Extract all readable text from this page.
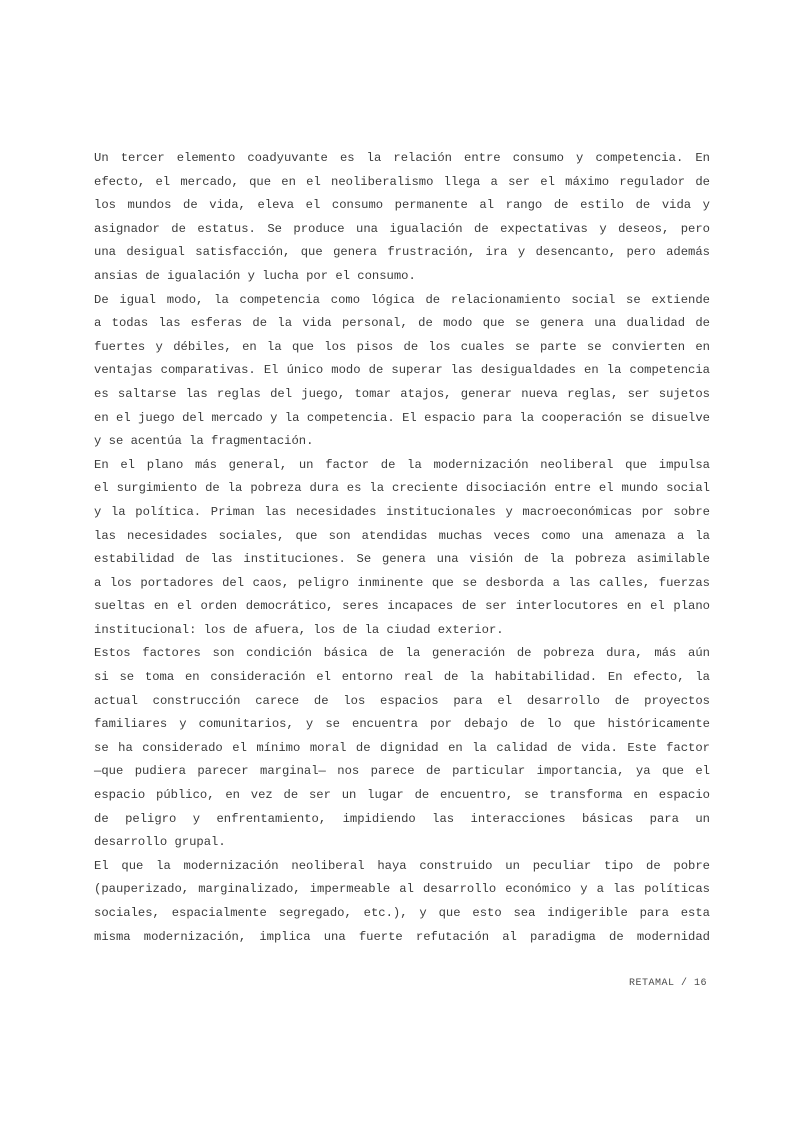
Un tercer elemento coadyuvante es la relación entre consumo y competencia. En
efecto, el mercado, que en el neoliberalismo llega a ser el máximo regulador de
los mundos de vida, eleva el consumo permanente al rango de estilo de vida y
asignador de estatus. Se produce una igualación de expectativas y deseos, pero
una desigual satisfacción, que genera frustración, ira y desencanto, pero además
ansias de igualación y lucha por el consumo.
De igual modo, la competencia como lógica de relacionamiento social se extiende
a todas las esferas de la vida personal, de modo que se genera una dualidad de
fuertes y débiles, en la que los pisos de los cuales se parte se convierten en
ventajas comparativas. El único modo de superar las desigualdades en la competencia
es saltarse las reglas del juego, tomar atajos, generar nueva reglas, ser sujetos
en el juego del mercado y la competencia. El espacio para la cooperación se disuelve
y se acentúa la fragmentación.
En el plano más general, un factor de la modernización neoliberal que impulsa
el surgimiento de la pobreza dura es la creciente disociación entre el mundo social
y la política. Priman las necesidades institucionales y macroeconómicas por sobre
las necesidades sociales, que son atendidas muchas veces como una amenaza a la
estabilidad de las instituciones. Se genera una visión de la pobreza asimilable
a los portadores del caos, peligro inminente que se desborda a las calles, fuerzas
sueltas en el orden democrático, seres incapaces de ser interlocutores en el plano
institucional: los de afuera, los de la ciudad exterior.
Estos factores son condición básica de la generación de pobreza dura, más aún
si se toma en consideración el entorno real de la habitabilidad. En efecto, la
actual construcción carece de los espacios para el desarrollo de proyectos
familiares y comunitarios, y se encuentra por debajo de lo que históricamente
se ha considerado el mínimo moral de dignidad en la calidad de vida. Este factor
—que pudiera parecer marginal— nos parece de particular importancia, ya que el
espacio público, en vez de ser un lugar de encuentro, se transforma en espacio
de peligro y enfrentamiento, impidiendo las interacciones básicas para un
desarrollo grupal.
El que la modernización neoliberal haya construido un peculiar tipo de pobre
(pauperizado, marginalizado, impermeable al desarrollo económico y a las políticas
sociales, espacialmente segregado, etc.), y que esto sea indigerible para esta
misma modernización, implica una fuerte refutación al paradigma de modernidad
RETAMAL / 16
